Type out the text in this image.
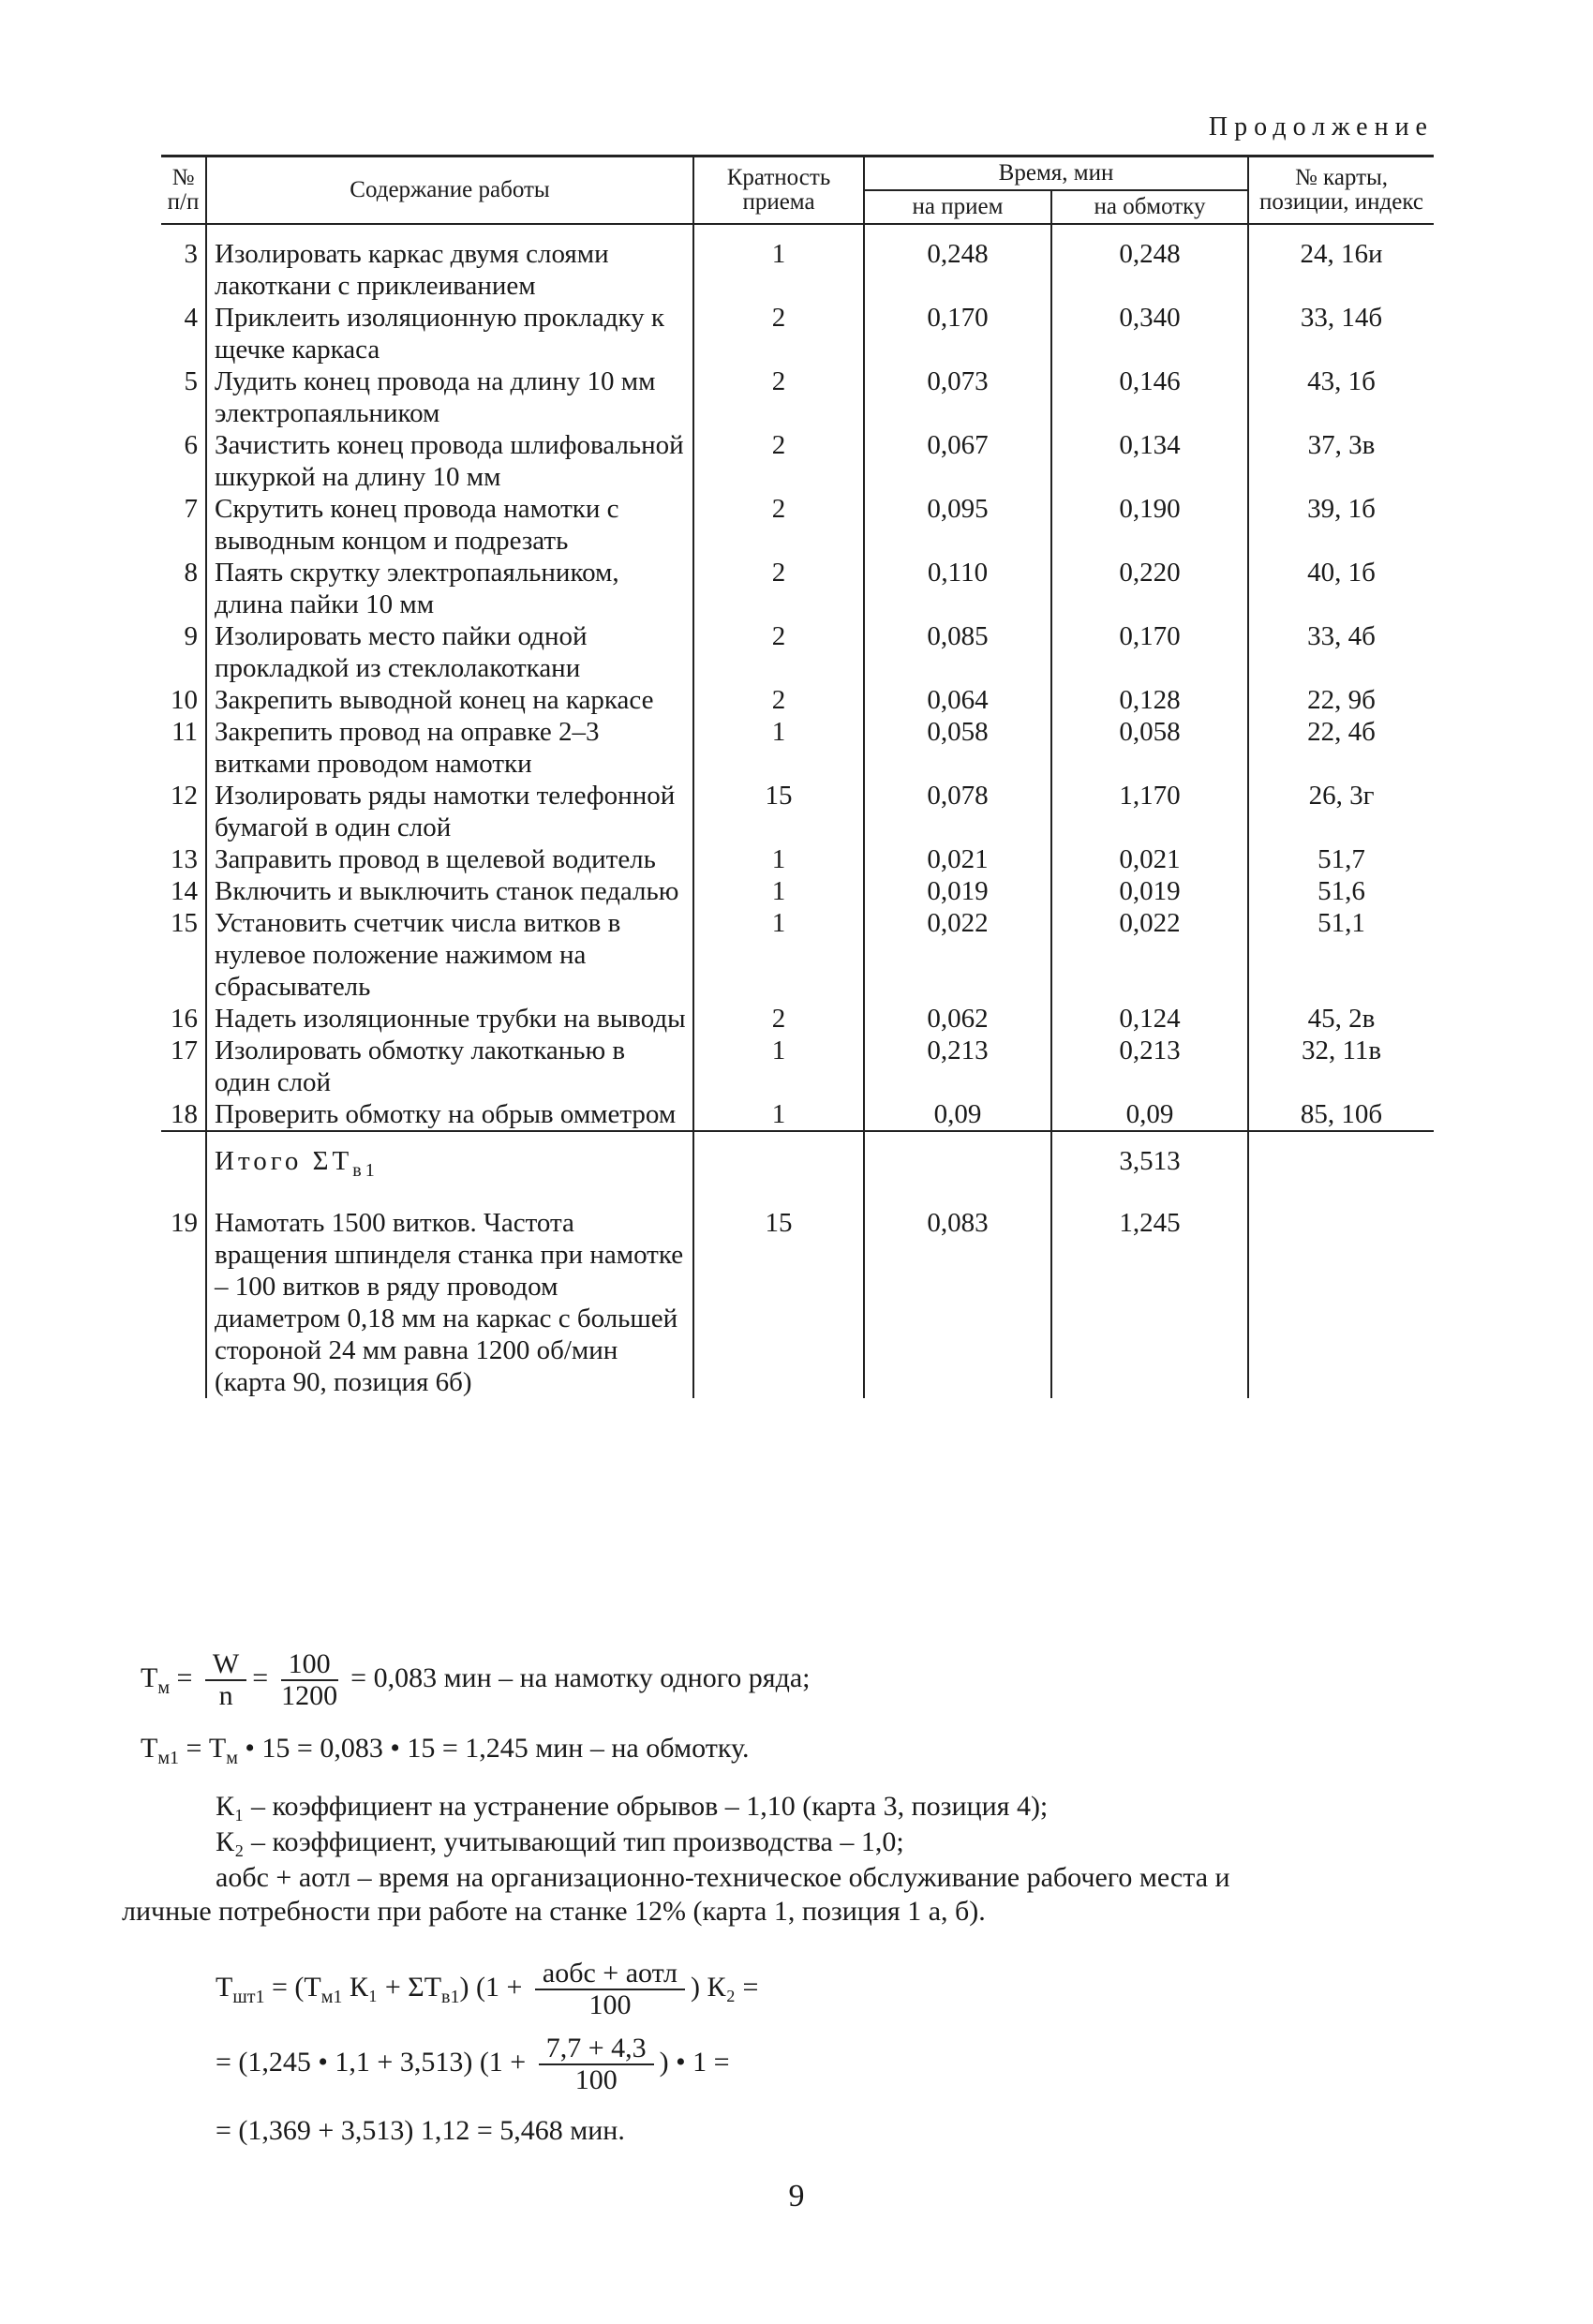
Продолжение
№ п/п	Содержание работы	Кратность приема	Время, мин		№ карты, позиции, индекс
			на прием	на обмотку	
3	Изолировать каркас двумя слоями лакоткани с приклеиванием	1	0,248	0,248	24, 16и
4	Приклеить изоляционную прокладку к щечке каркаса	2	0,170	0,340	33, 14б
5	Лудить конец провода на длину 10 мм электропаяльником	2	0,073	0,146	43, 1б
6	Зачистить конец провода шлифовальной шкуркой на длину 10 мм	2	0,067	0,134	37, 3в
7	Скрутить конец провода намотки с выводным концом и подрезать	2	0,095	0,190	39, 1б
8	Паять скрутку электропаяльником, длина пайки 10 мм	2	0,110	0,220	40, 1б
9	Изолировать место пайки одной прокладкой из стеклолакоткани	2	0,085	0,170	33, 4б
10	Закрепить выводной конец на каркасе	2	0,064	0,128	22, 9б
11	Закрепить провод на оправке 2–3 витками проводом намотки	1	0,058	0,058	22, 4б
12	Изолировать ряды намотки телефонной бумагой в один слой	15	0,078	1,170	26, 3г
13	Заправить провод в щелевой водитель	1	0,021	0,021	51,7
14	Включить и выключить станок педалью	1	0,019	0,019	51,6
15	Установить счетчик числа витков в нулевое положение нажимом на сбрасыватель	1	0,022	0,022	51,1
16	Надеть изоляционные трубки на выводы	2	0,062	0,124	45, 2в
17	Изолировать обмотку лакотканью в один слой	1	0,213	0,213	32, 11в
18	Проверить обмотку на обрыв омметром	1	0,09	0,09	85, 10б
	Итого $\Sigma Т_{в1}$			3,513	
19	Намотать 1500 витков. Частота вращения шпинделя станка при намотке – 100 витков в ряду проводом диаметром 0,18 мм на каркас с большей стороной 24 мм равна 1200 об/мин (карта 90, позиция 6б)	15	0,083	1,245	
$Т_м = \frac{W}{n} = \frac{100}{1200} = 0,083$ мин – на намотку одного ряда;
$Т_{м1} = Т_м$ • 15 = 0,083 • 15 = 1,245 мин – на обмотку.
К₁ – коэффициент на устранение обрывов – 1,10 (карта 3, позиция 4);
К₂ – коэффициент, учитывающий тип производства – 1,0;
aобс + aотл – время на организационно-техническое обслуживание рабочего места и
личные потребности при работе на станке 12% (карта 1, позиция 1 а, б).
$Т_{шт1} = (Т_{м1}$ $К_1 + \Sigma Т_{в1}$) ($1 + \frac{\text{aобс + aотл}}{100}$ ) К₂ =
= (1,245 • 1,1 + 3,513) ($1 + \frac{7,7 + 4,3}{100}$ ) • 1 =
= (1,369 + 3,513) 1,12 = 5,468 мин.
9
